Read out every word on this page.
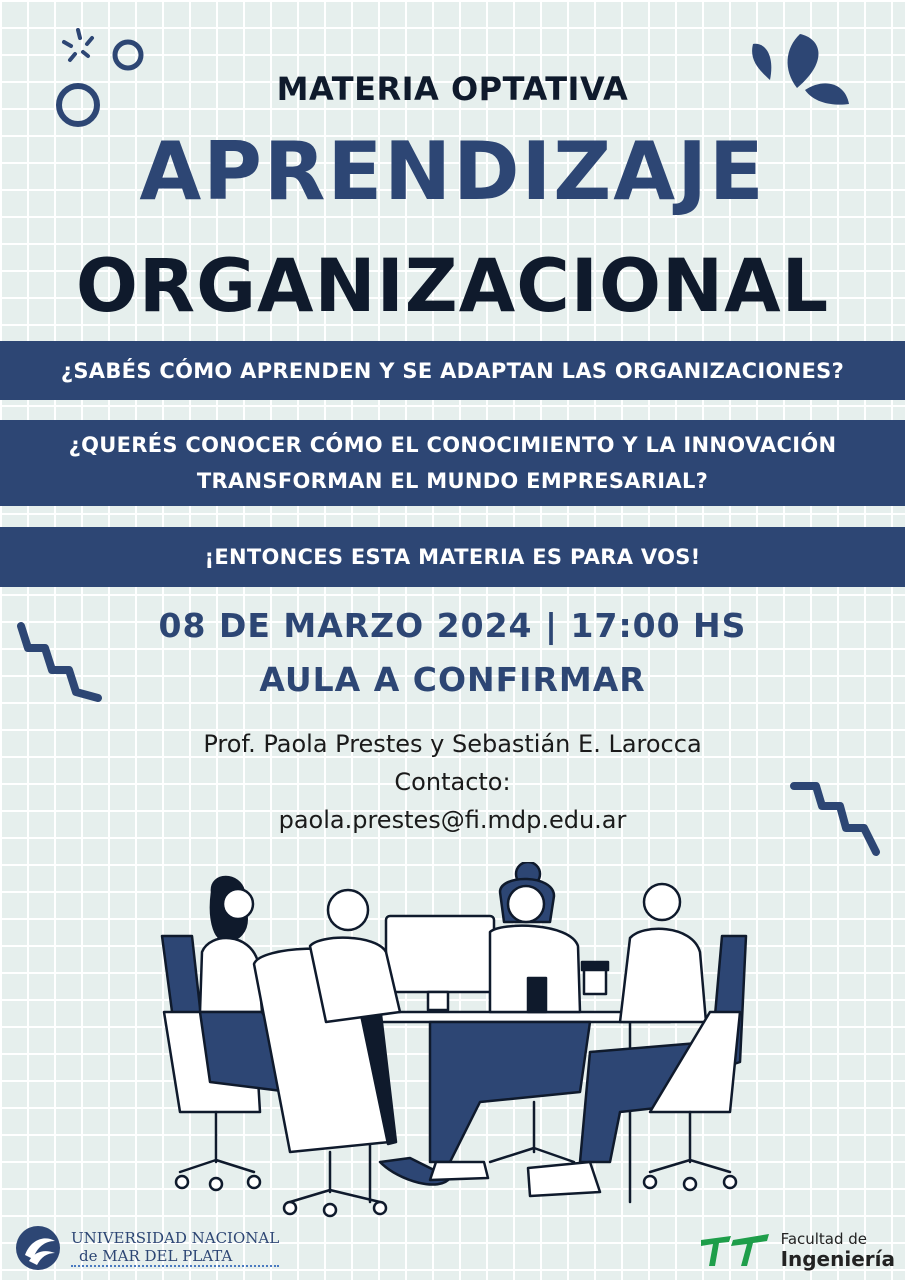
MATERIA OPTATIVA
APRENDIZAJE
ORGANIZACIONAL
¿SABÉS CÓMO APRENDEN Y SE ADAPTAN LAS ORGANIZACIONES?
¿QUERÉS CONOCER CÓMO EL CONOCIMIENTO Y LA INNOVACIÓN
TRANSFORMAN EL MUNDO EMPRESARIAL?
¡ENTONCES ESTA MATERIA ES PARA VOS!
08 DE MARZO 2024 | 17:00 HS
AULA A CONFIRMAR
Prof. Paola Prestes y Sebastián E. Larocca
Contacto:
paola.prestes@fi.mdp.edu.ar
UNIVERSIDAD NACIONAL
de MAR DEL PLATA
Facultad de
Ingeniería
